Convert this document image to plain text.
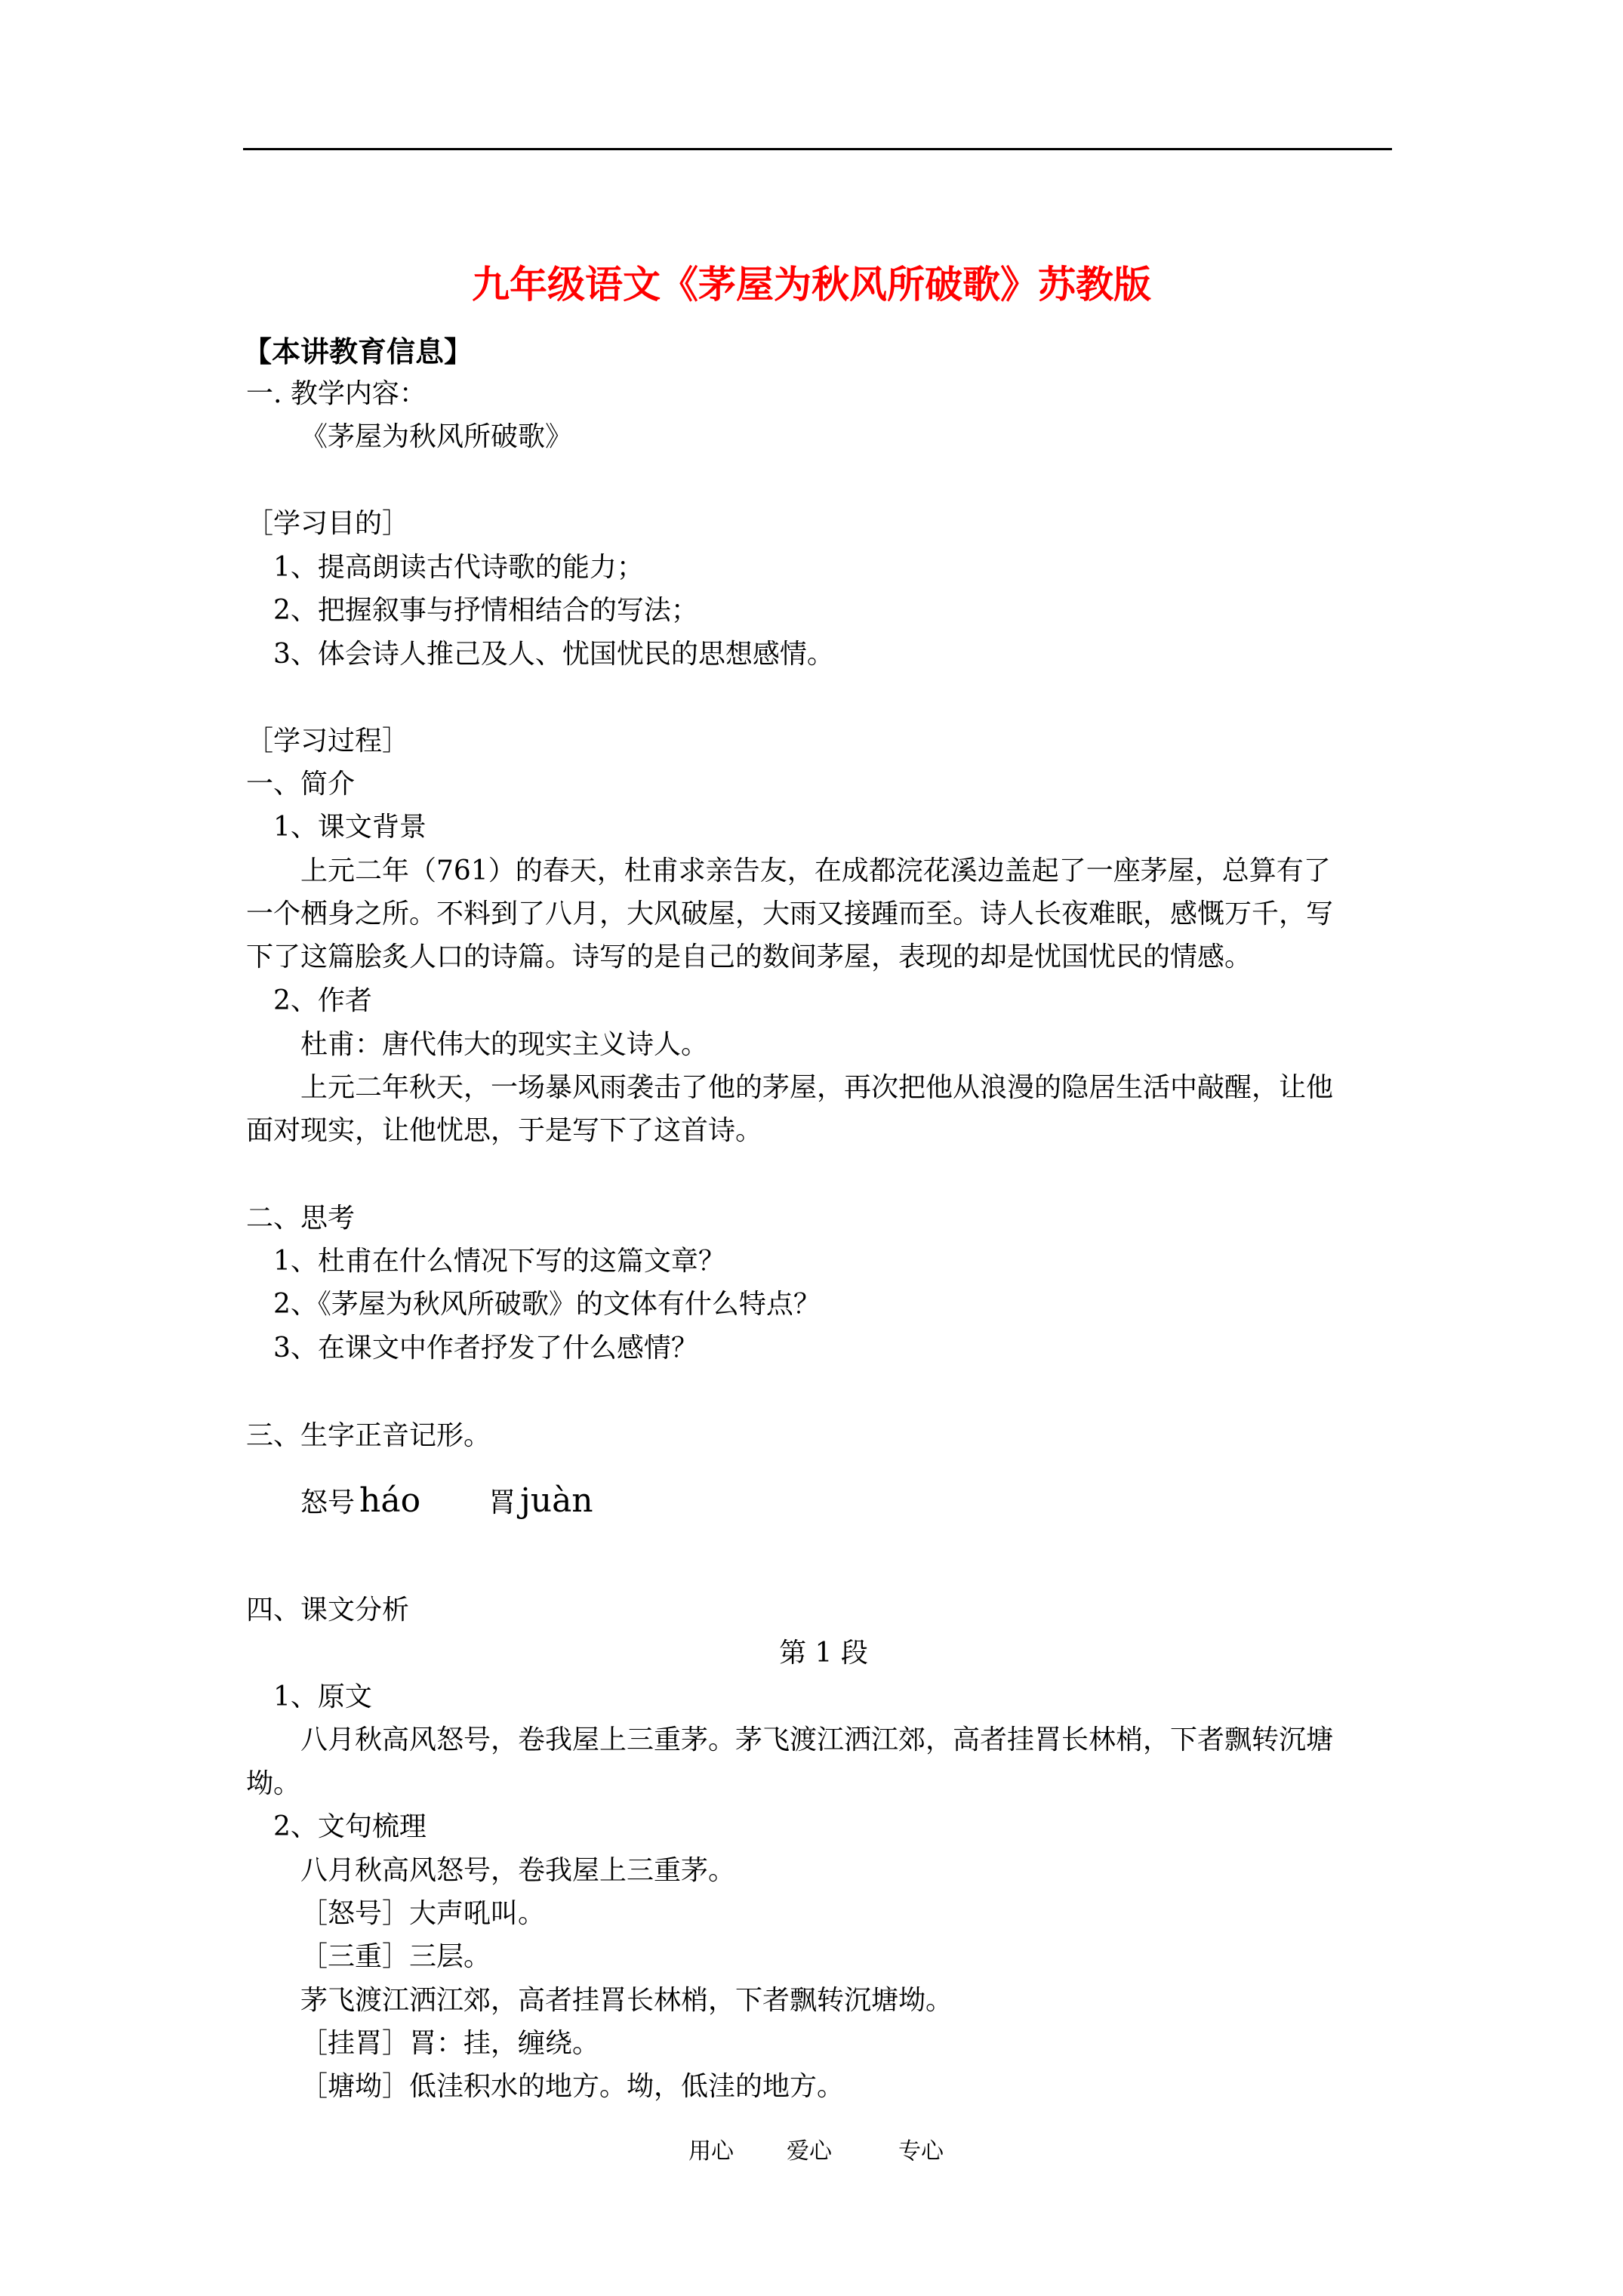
九年级语文《茅屋为秋风所破歌》苏教版
【本讲教育信息】
一. 教学内容：
《茅屋为秋风所破歌》
［学习目的］
1、提高朗读古代诗歌的能力；
2、把握叙事与抒情相结合的写法；
3、体会诗人推己及人、忧国忧民的思想感情。
［学习过程］
一、简介
1、课文背景
上元二年（761）的春天，杜甫求亲告友，在成都浣花溪边盖起了一座茅屋，总算有了
一个栖身之所。不料到了八月，大风破屋，大雨又接踵而至。诗人长夜难眠，感慨万千，写
下了这篇脍炙人口的诗篇。诗写的是自己的数间茅屋，表现的却是忧国忧民的情感。
2、作者
杜甫：唐代伟大的现实主义诗人。
上元二年秋天，一场暴风雨袭击了他的茅屋，再次把他从浪漫的隐居生活中敲醒，让他
面对现实，让他忧思，于是写下了这首诗。
二、思考
1、杜甫在什么情况下写的这篇文章？
2、《茅屋为秋风所破歌》的文体有什么特点？
3、在课文中作者抒发了什么感情？
三、生字正音记形。
怒号 háo	罥 juàn
四、课文分析
第 1 段
1、原文
八月秋高风怒号，卷我屋上三重茅。茅飞渡江洒江郊，高者挂罥长林梢，下者飘转沉塘
坳。
2、文句梳理
八月秋高风怒号，卷我屋上三重茅。
［怒号］大声吼叫。
［三重］三层。
茅飞渡江洒江郊，高者挂罥长林梢，下者飘转沉塘坳。
［挂罥］罥：挂，缠绕。
［塘坳］低洼积水的地方。坳，低洼的地方。
用心 爱心	专心
